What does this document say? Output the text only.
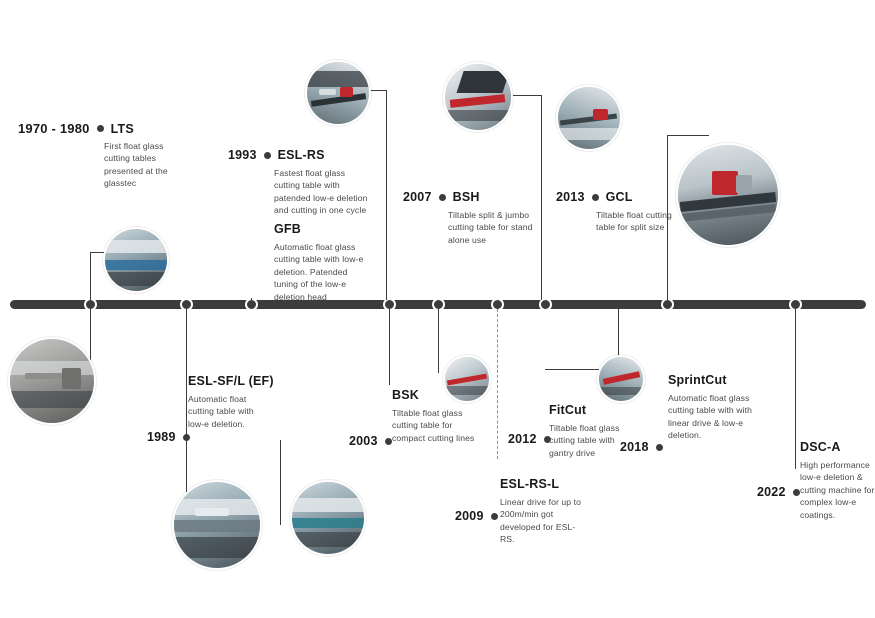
1970 - 1980 LTS
First float glass cutting tables presented at the glasstec
1989
ESL-SF/L (EF)
Automatic float cutting table with low-e deletion.
1993 ESL-RS
Fastest float glass cutting table with patended low-e deletion and cutting in one cycle
GFB
Automatic float glass cutting table with low-e deletion. Patended tuning of the low-e deletion head
2003
BSK
Tiltable float glass cutting table for compact cutting lines
2007 BSH
Tiltable split & jumbo cutting table for stand alone use
2009
ESL-RS-L
Linear drive for up to 200m/min got developed for ESL-RS.
2012
FitCut
Tiltable float glass cutting table with gantry drive
2013 GCL
Tiltable float cutting table for split size
2018
SprintCut
Automatic float glass cutting table with with linear drive & low-e deletion.
2022
DSC-A
High performance low-e deletion & cutting machine for complex low-e coatings.
